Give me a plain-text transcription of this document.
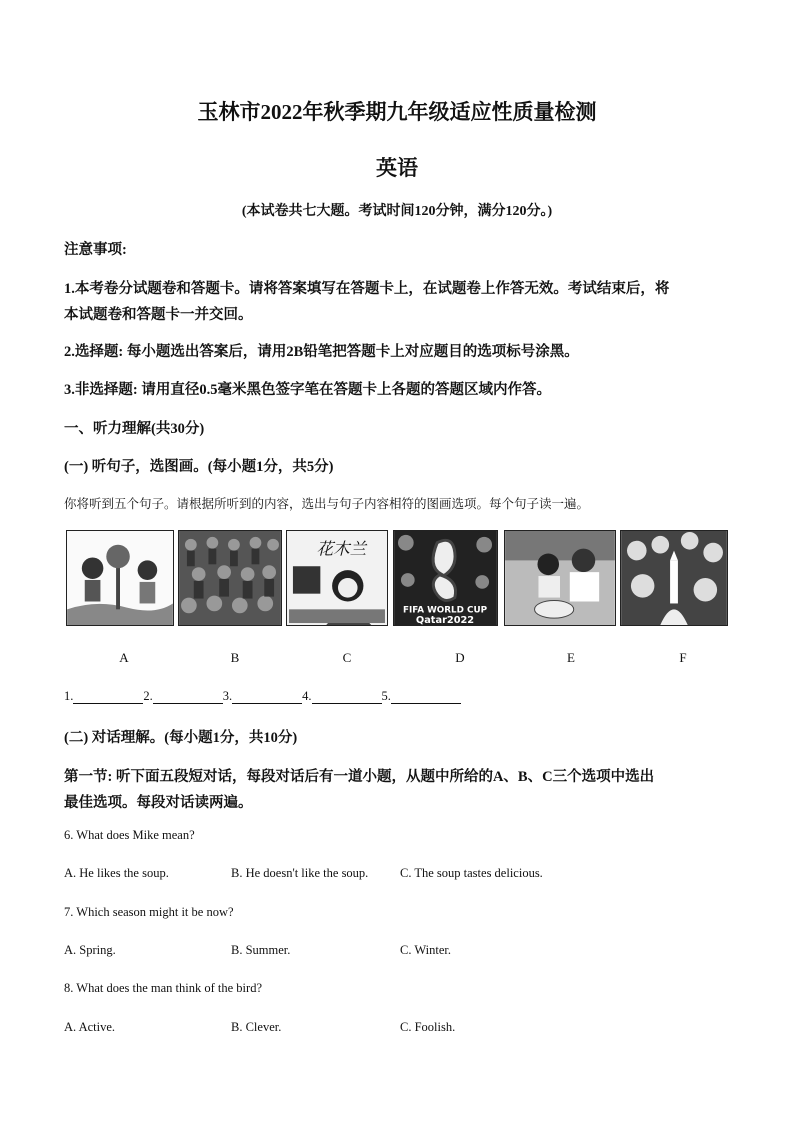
玉林市2022年秋季期九年级适应性质量检测
英语
(本试卷共七大题。考试时间120分钟，满分120分。)
注意事项:
1.本考卷分试题卷和答题卡。请将答案填写在答题卡上，在试题卷上作答无效。考试结束后，将
本试题卷和答题卡一并交回。
2.选择题: 每小题选出答案后，请用2B铅笔把答题卡上对应题目的选项标号涂黑。
3.非选择题: 请用直径0.5毫米黑色签字笔在答题卡上各题的答题区域内作答。
一、听力理解(共30分)
(一) 听句子，选图画。(每小题1分，共5分)
你将听到五个句子。请根据所听到的内容，选出与句子内容相符的图画选项。每个句子读一遍。
花木兰
FIFA WORLD CUP
Qatar2022
A	B	C	D	E	F
1.	2.	3.	4.	5.
(二) 对话理解。(每小题1分，共10分)
第一节: 听下面五段短对话，每段对话后有一道小题，从题中所给的A、B、C三个选项中选出
最佳选项。每段对话读两遍。
6. What does Mike mean?
A. He likes the soup.	B. He doesn't like the soup.	C. The soup tastes delicious.
7. Which season might it be now?
A. Spring.	B. Summer.	C. Winter.
8. What does the man think of the bird?
A. Active.	B. Clever.	C. Foolish.
